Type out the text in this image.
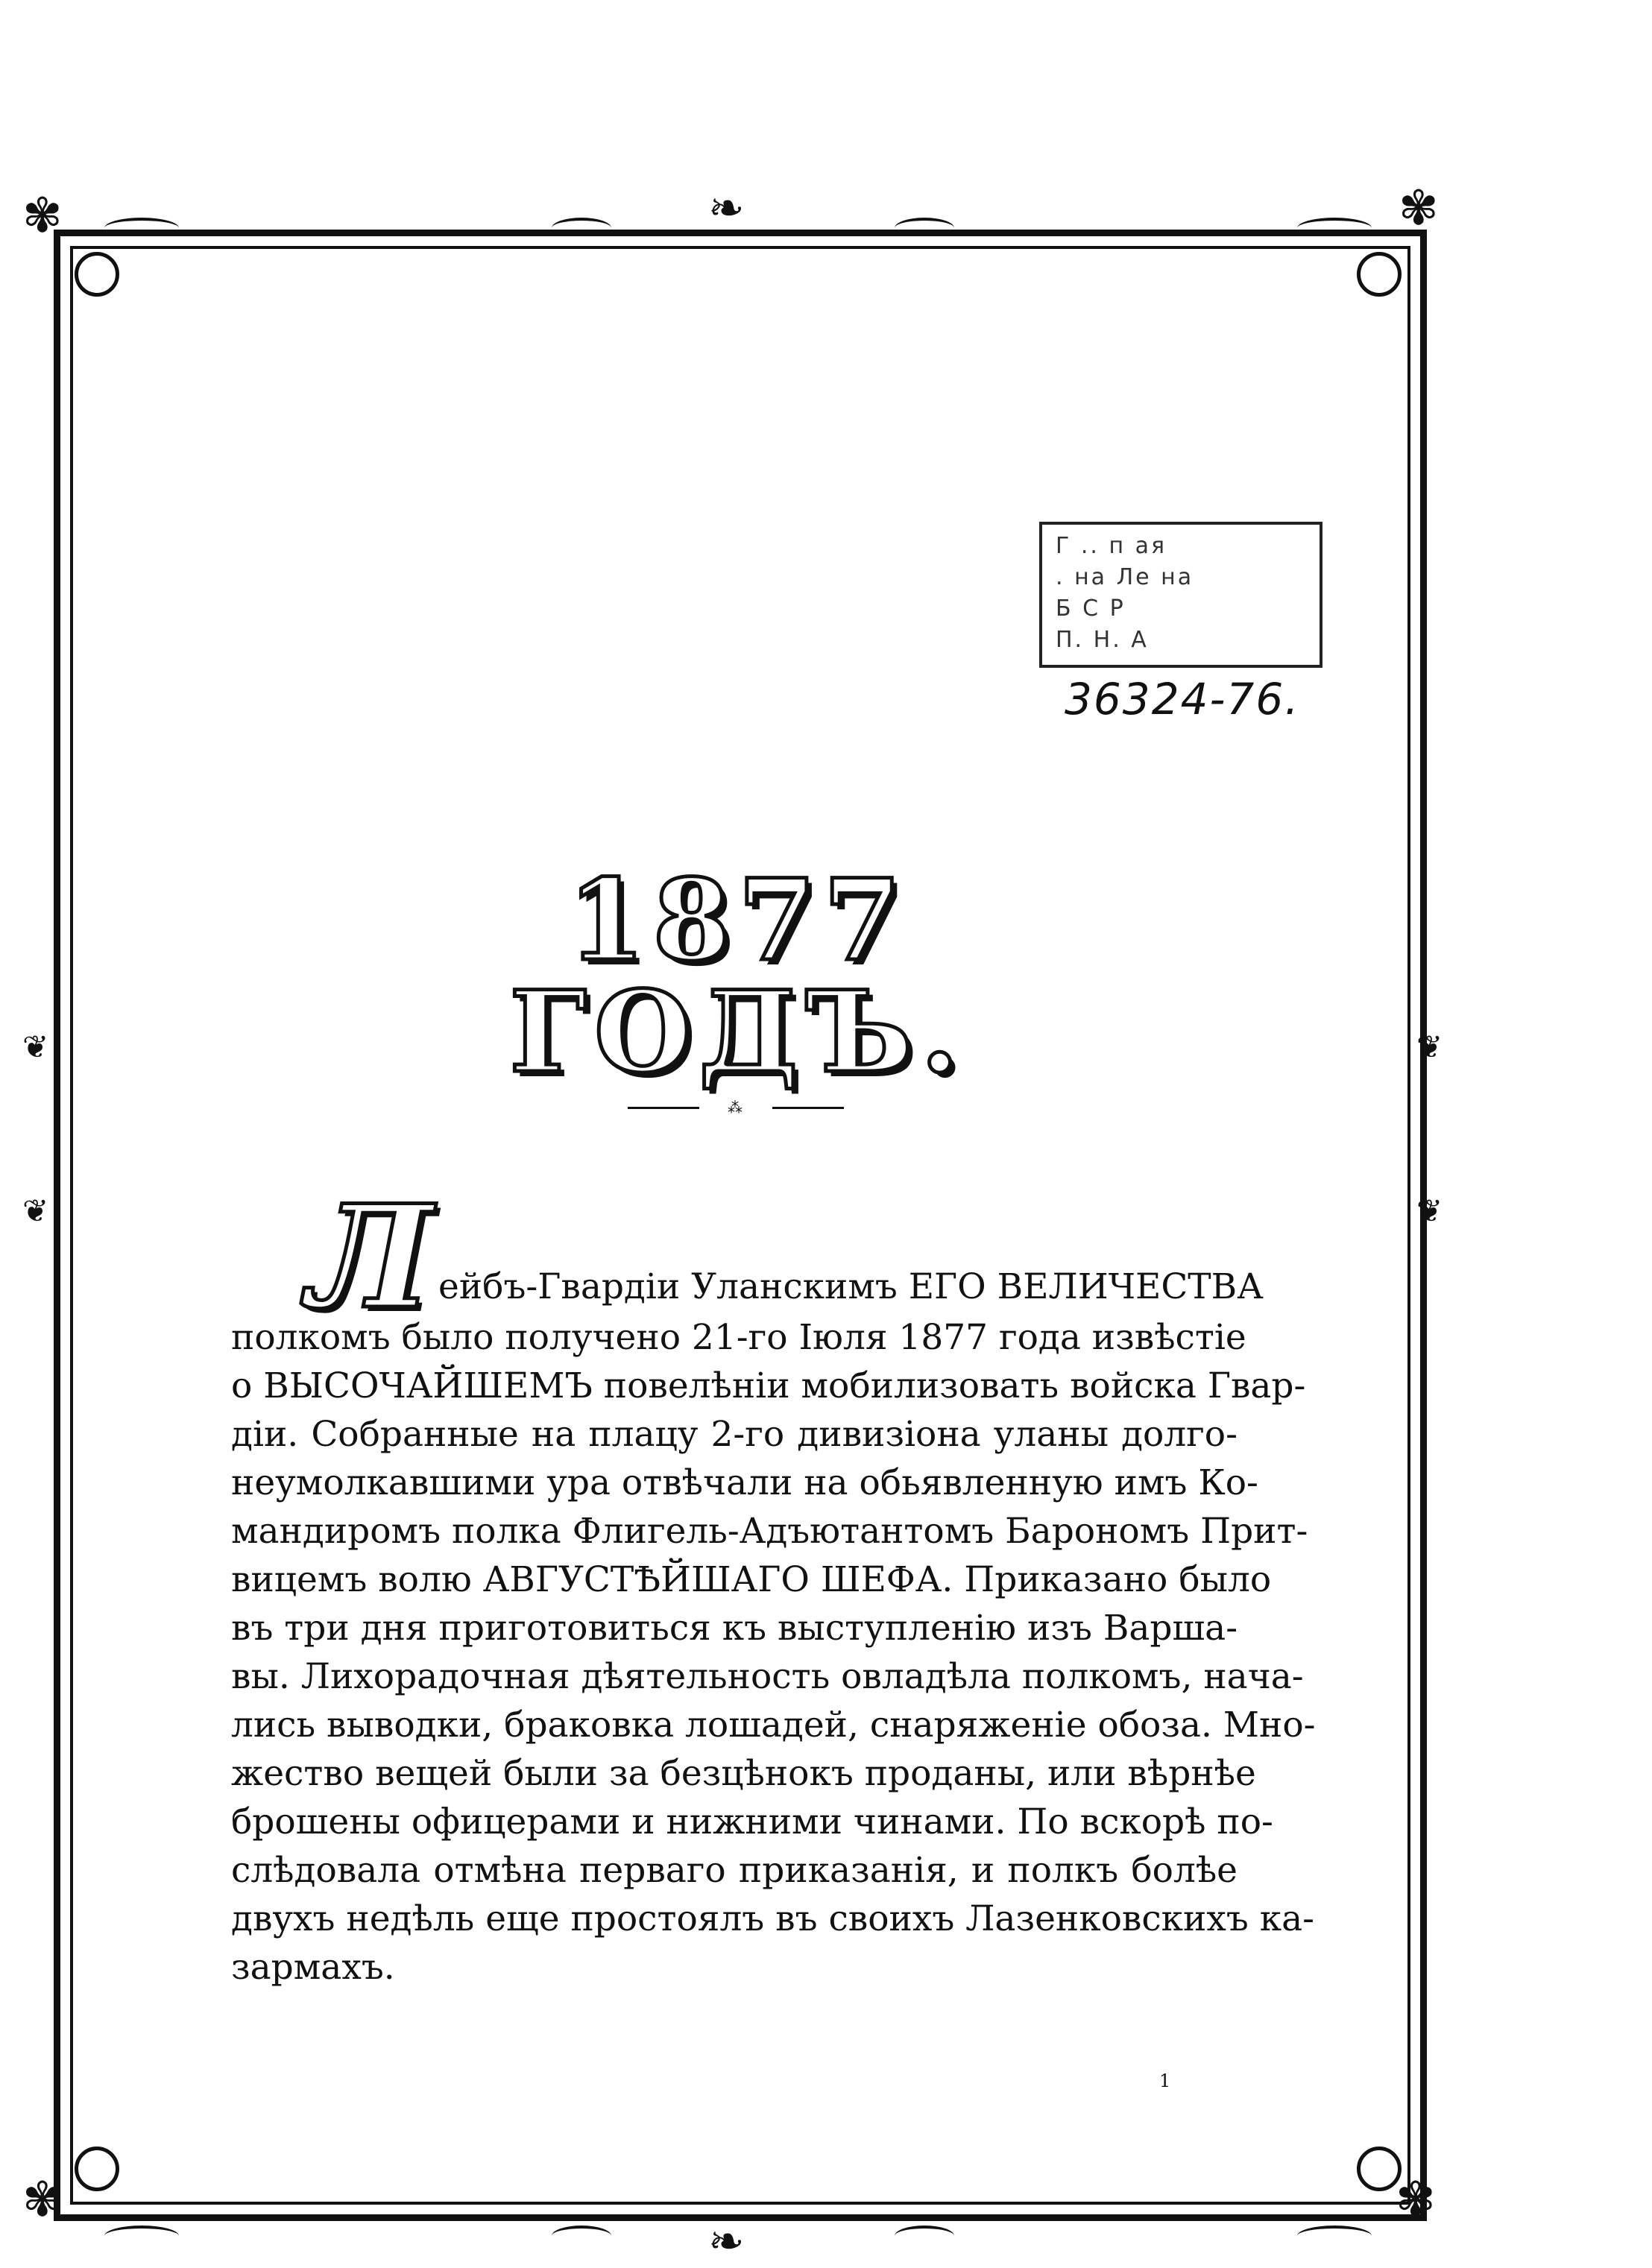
✾	✾
✾	✾
❧
❧
❦
❦
❦
❦
Г .. п ая
. на Ле на
Б С Р
П. Н. А
36324-76.
1877 ГОДЪ.
⁂
Л ейбъ-Гвардіи Уланскимъ ЕГО ВЕЛИЧЕСТВА
полкомъ было получено 21-го Іюля 1877 года извѣстіе
о ВЫСОЧАЙШЕМЪ повелѣніи мобилизовать войска Гвар-
діи. Собранные на плацу 2-го дивизіона уланы долго-
неумолкавшими ура отвѣчали на обьявленную имъ Ко-
мандиромъ полка Флигель-Адъютантомъ Барономъ Прит-
вицемъ волю АВГУСТѢЙШАГО ШЕФА. Приказано было
въ три дня приготовиться къ выступленію изъ Варша-
вы. Лихорадочная дѣятельность овладѣла полкомъ, нача-
лись выводки, браковка лошадей, снаряженіе обоза. Мно-
жество вещей были за безцѣнокъ проданы, или вѣрнѣе
брошены офицерами и нижними чинами. По вскорѣ по-
слѣдовала отмѣна перваго приказанія, и полкъ болѣе
двухъ недѣль еще простоялъ въ своихъ Лазенковскихъ ка-
зармахъ.
1
